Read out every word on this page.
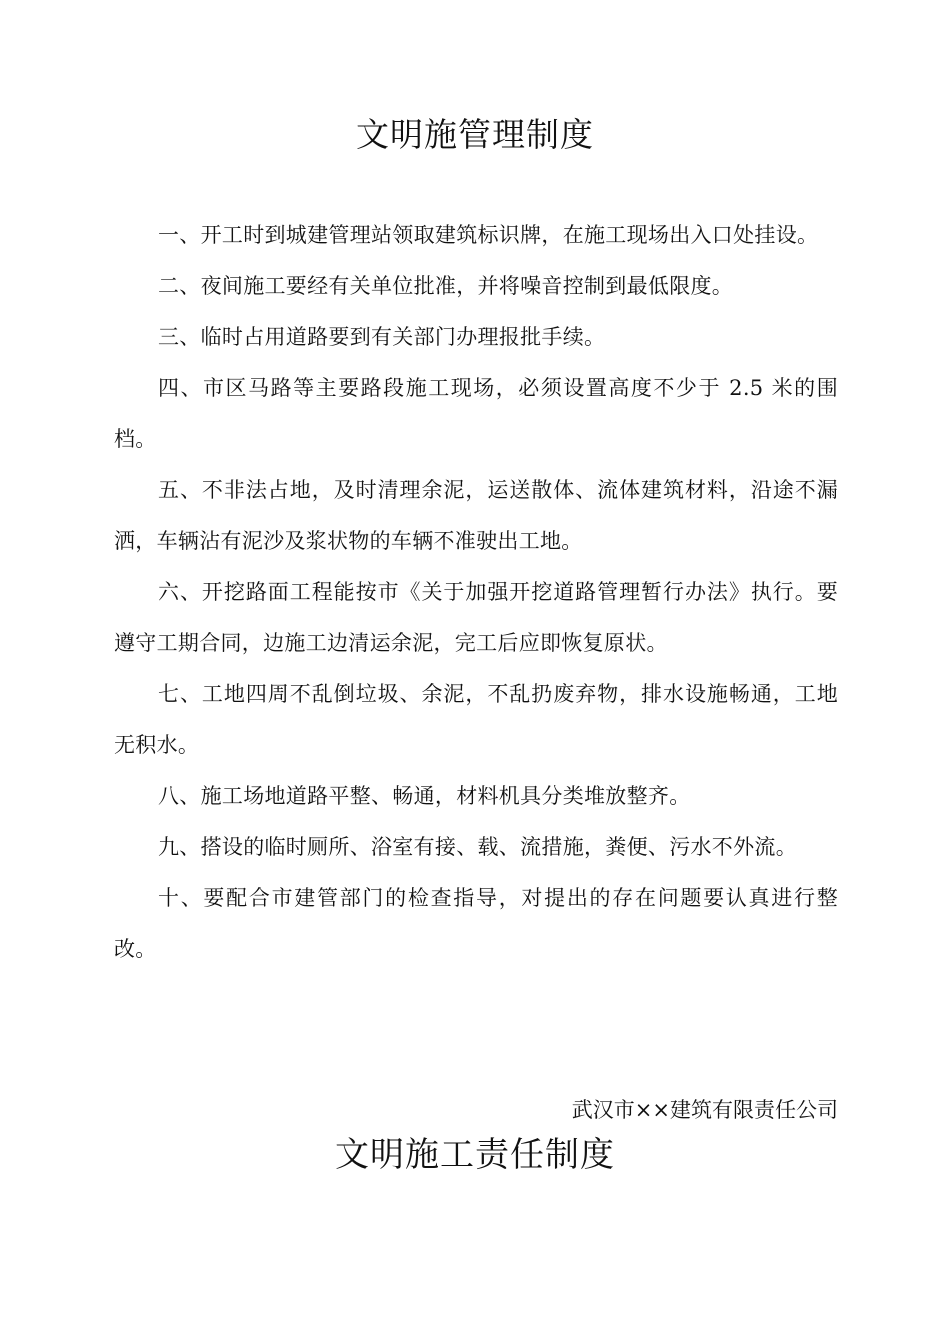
文明施管理制度

一、开工时到城建管理站领取建筑标识牌，在施工现场出入口处挂设。

二、夜间施工要经有关单位批准，并将噪音控制到最低限度。

三、临时占用道路要到有关部门办理报批手续。

四、市区马路等主要路段施工现场，必须设置高度不少于 2.5 米的围档。

五、不非法占地，及时清理余泥，运送散体、流体建筑材料，沿途不漏洒，车辆沾有泥沙及浆状物的车辆不准驶出工地。

六、开挖路面工程能按市《关于加强开挖道路管理暂行办法》执行。要遵守工期合同，边施工边清运余泥，完工后应即恢复原状。

七、工地四周不乱倒垃圾、余泥，不乱扔废弃物，排水设施畅通，工地无积水。

八、施工场地道路平整、畅通，材料机具分类堆放整齐。

九、搭设的临时厕所、浴室有接、载、流措施，粪便、污水不外流。

十、要配合市建管部门的检查指导，对提出的存在问题要认真进行整改。

武汉市××建筑有限责任公司

文明施工责任制度
